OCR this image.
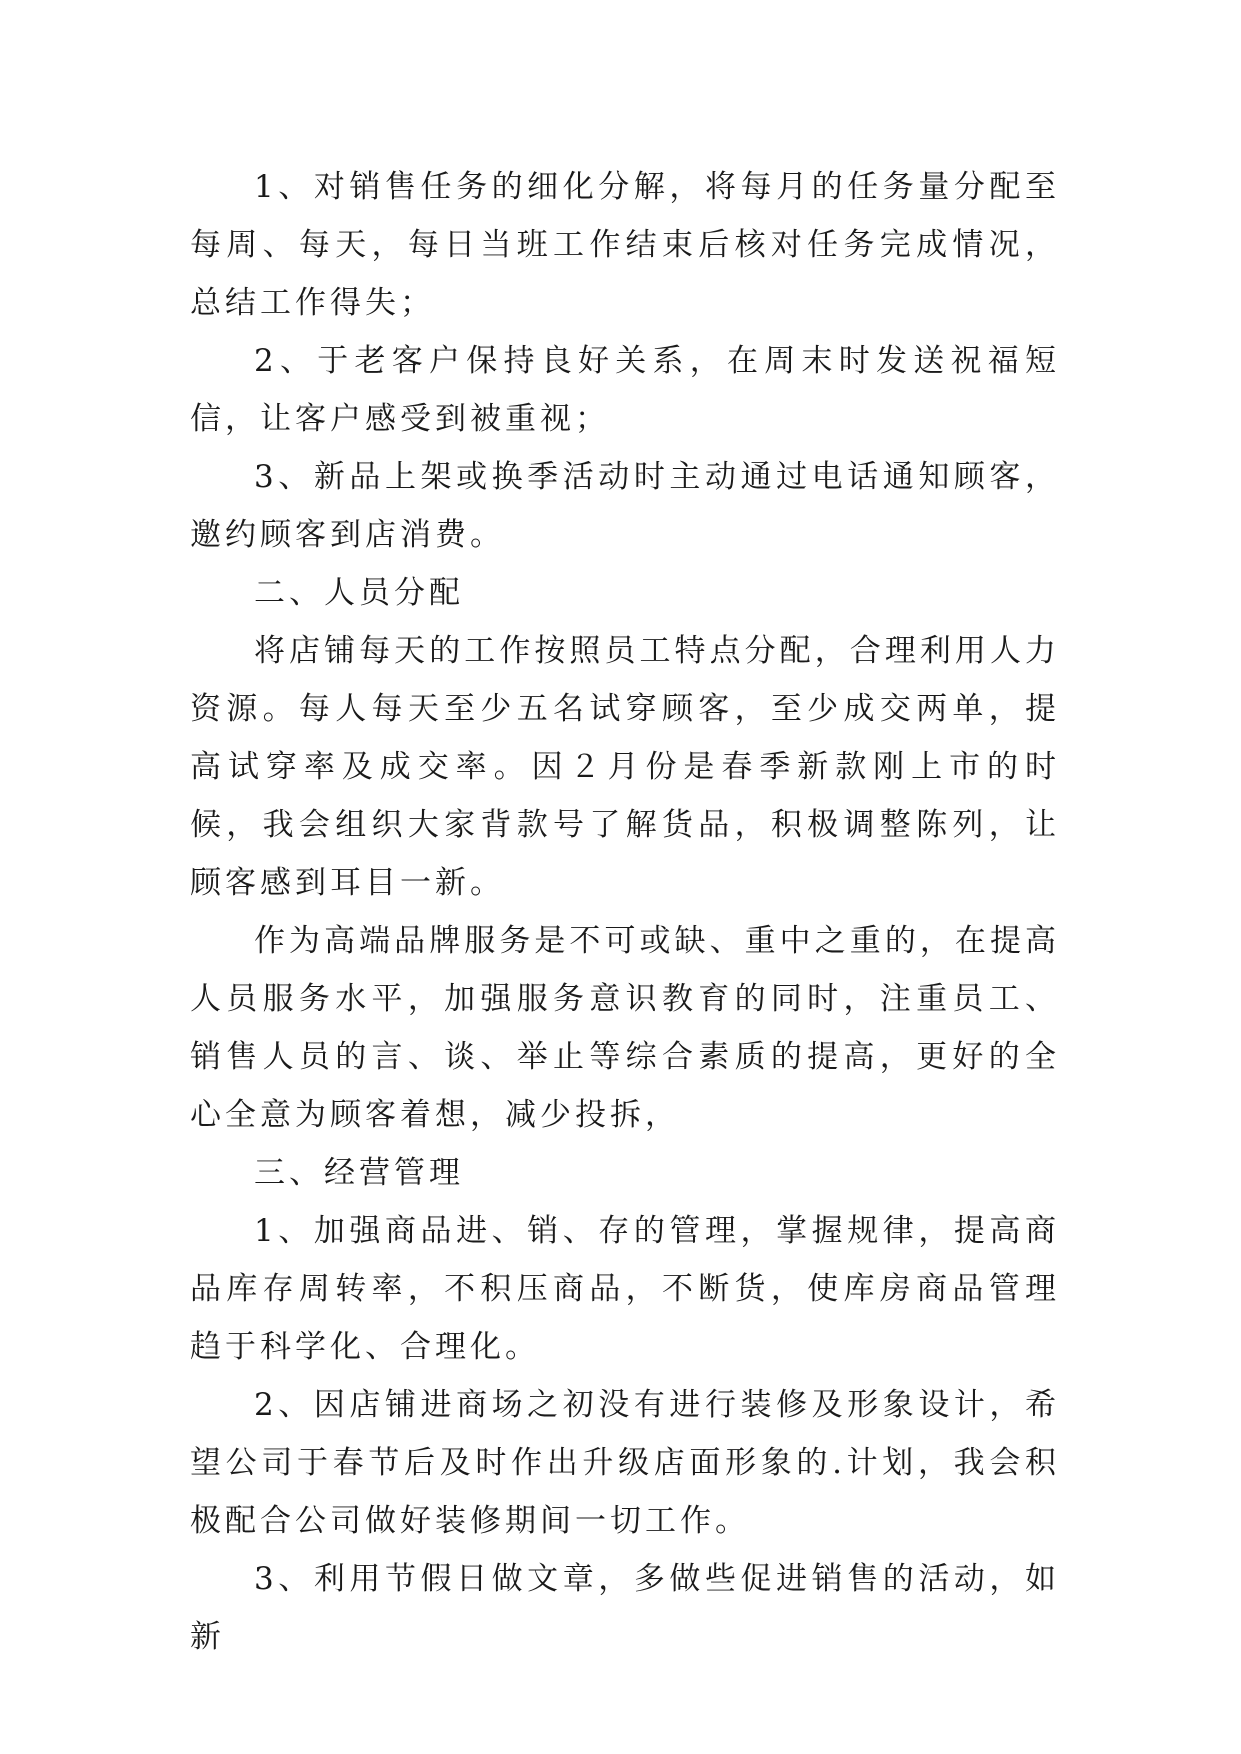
1、对销售任务的细化分解，将每月的任务量分配至每周、每天，每日当班工作结束后核对任务完成情况，总结工作得失；

2、于老客户保持良好关系，在周末时发送祝福短信，让客户感受到被重视；

3、新品上架或换季活动时主动通过电话通知顾客，邀约顾客到店消费。

二、人员分配

将店铺每天的工作按照员工特点分配，合理利用人力资源。每人每天至少五名试穿顾客，至少成交两单，提高试穿率及成交率。因２月份是春季新款刚上市的时候，我会组织大家背款号了解货品，积极调整陈列，让顾客感到耳目一新。

作为高端品牌服务是不可或缺、重中之重的，在提高人员服务水平，加强服务意识教育的同时，注重员工、销售人员的言、谈、举止等综合素质的提高，更好的全心全意为顾客着想，减少投拆，

三、经营管理

1、加强商品进、销、存的管理，掌握规律，提高商品库存周转率，不积压商品，不断货，使库房商品管理趋于科学化、合理化。

2、因店铺进商场之初没有进行装修及形象设计，希望公司于春节后及时作出升级店面形象的.计划，我会积极配合公司做好装修期间一切工作。

3、利用节假日做文章，多做些促进销售的活动，如新
